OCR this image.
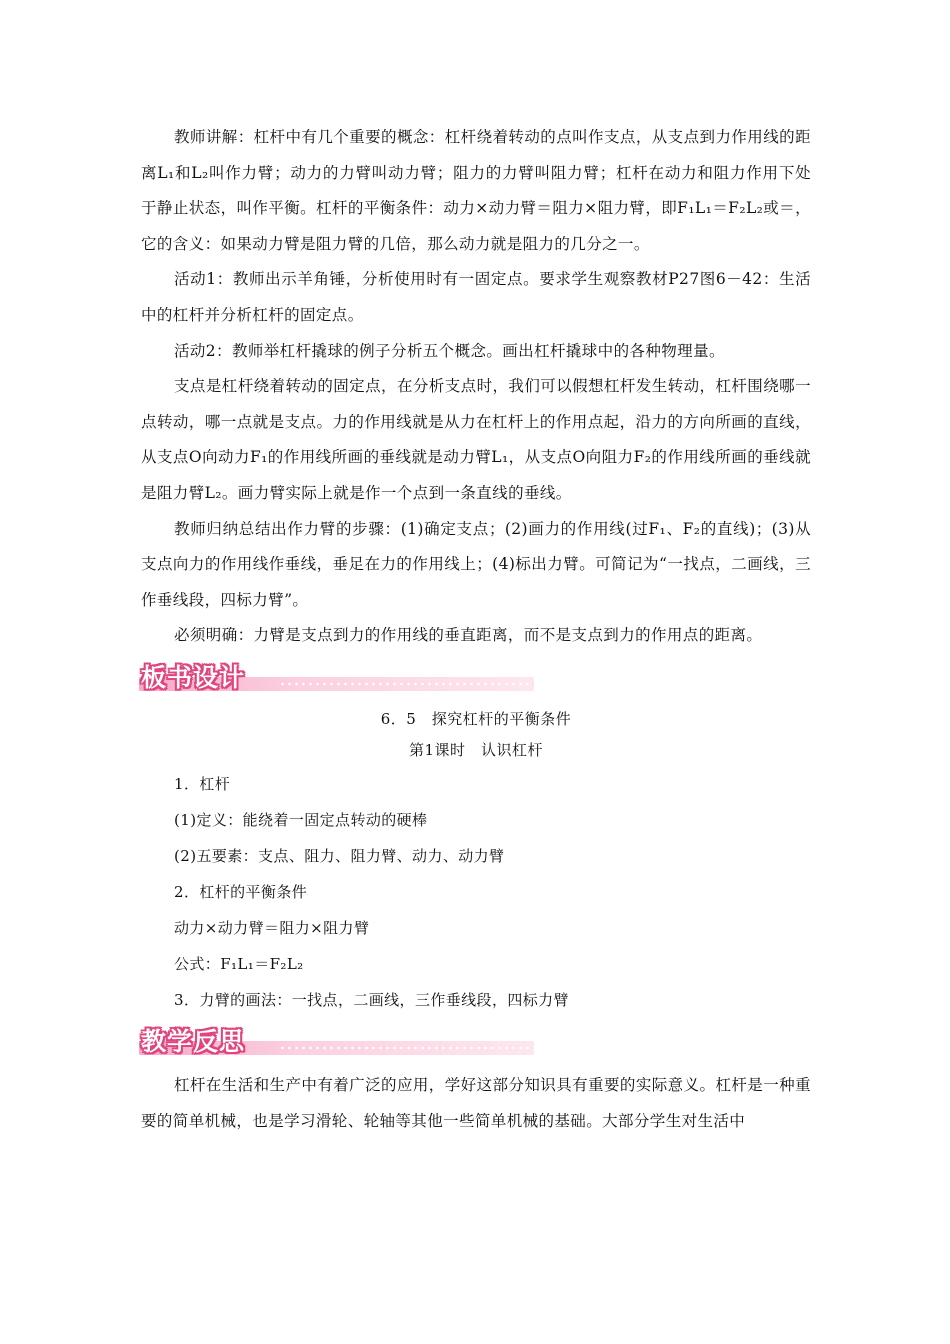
教师讲解：杠杆中有几个重要的概念：杠杆绕着转动的点叫作支点，从支点到力作用线的距离L₁和L₂叫作力臂；动力的力臂叫动力臂；阻力的力臂叫阻力臂；杠杆在动力和阻力作用下处于静止状态，叫作平衡。杠杆的平衡条件：动力×动力臂＝阻力×阻力臂，即F₁L₁＝F₂L₂或＝，它的含义：如果动力臂是阻力臂的几倍，那么动力就是阻力的几分之一。

活动1：教师出示羊角锤，分析使用时有一固定点。要求学生观察教材P27图6－42：生活中的杠杆并分析杠杆的固定点。

活动2：教师举杠杆撬球的例子分析五个概念。画出杠杆撬球中的各种物理量。

支点是杠杆绕着转动的固定点，在分析支点时，我们可以假想杠杆发生转动，杠杆围绕哪一点转动，哪一点就是支点。力的作用线就是从力在杠杆上的作用点起，沿力的方向所画的直线，从支点O向动力F₁的作用线所画的垂线就是动力臂L₁，从支点O向阻力F₂的作用线所画的垂线就是阻力臂L₂。画力臂实际上就是作一个点到一条直线的垂线。

教师归纳总结出作力臂的步骤：(1)确定支点；(2)画力的作用线(过F₁、F₂的直线)；(3)从支点向力的作用线作垂线，垂足在力的作用线上；(4)标出力臂。可简记为“一找点，二画线，三作垂线段，四标力臂”。

必须明确：力臂是支点到力的作用线的垂直距离，而不是支点到力的作用点的距离。

板书设计

6．5　探究杠杆的平衡条件

第1课时　认识杠杆

1．杠杆

(1)定义：能绕着一固定点转动的硬棒

(2)五要素：支点、阻力、阻力臂、动力、动力臂

2．杠杆的平衡条件

动力×动力臂＝阻力×阻力臂

公式：F₁L₁＝F₂L₂

3．力臂的画法：一找点，二画线，三作垂线段，四标力臂

教学反思

杠杆在生活和生产中有着广泛的应用，学好这部分知识具有重要的实际意义。杠杆是一种重要的简单机械，也是学习滑轮、轮轴等其他一些简单机械的基础。大部分学生对生活中
